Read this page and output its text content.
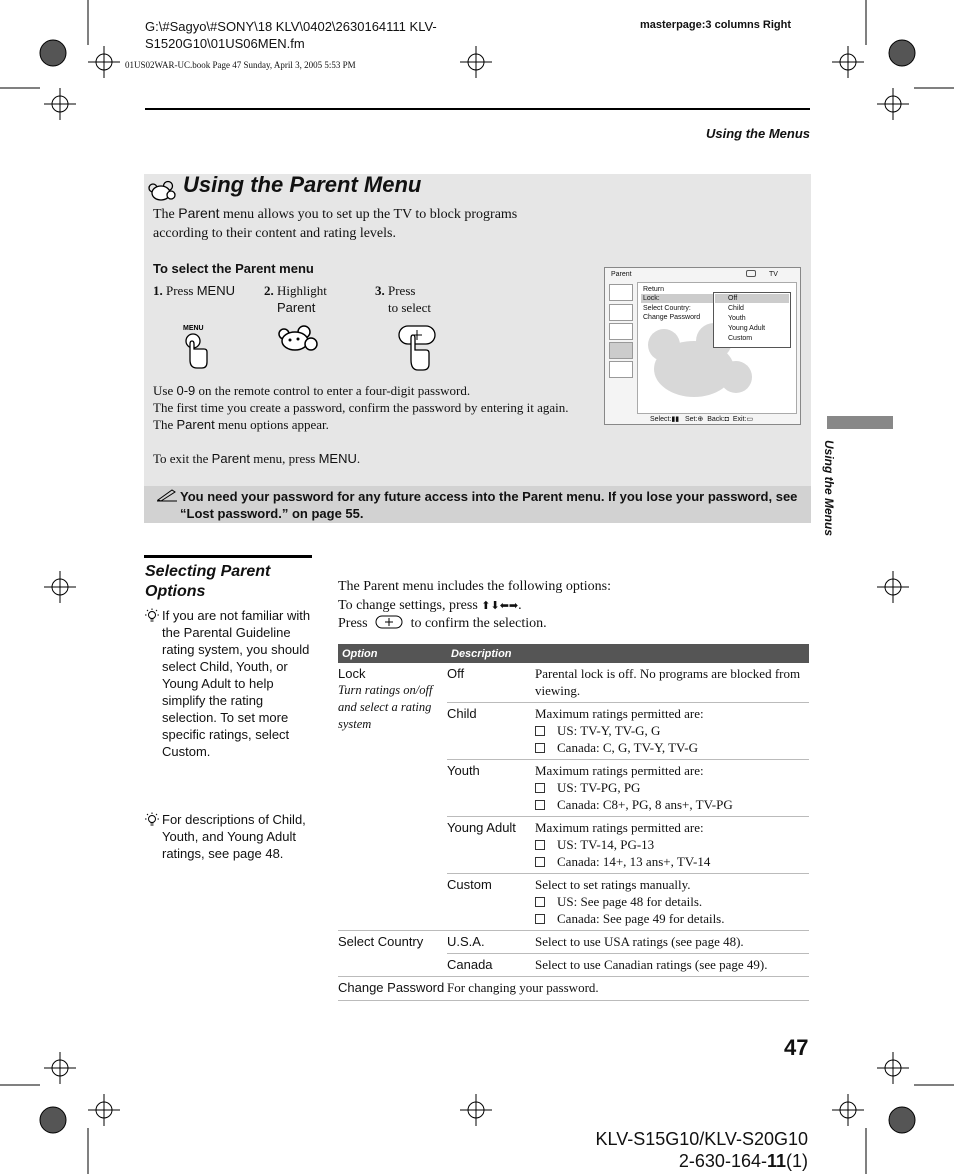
G:\#Sagyo\#SONY\18 KLV\0402\2630164111 KLV-S1520G10\01US06MEN.fm
01US02WAR-UC.book Page 47 Sunday, April 3, 2005 5:53 PM
masterpage:3 columns Right
Using the Menus
Using the Parent Menu
The Parent menu allows you to set up the TV to block programs according to their content and rating levels.
To select the Parent menu
1. Press MENU 2. Highlight
Parent
3. Press
to select
MENU
Use 0-9 on the remote control to enter a four-digit password.
The first time you create a password, confirm the password by entering it again.
The Parent menu options appear.
To exit the Parent menu, press MENU.
Parent	TV
Return
Lock:
Select Country:
Change Password
Off
Child
Youth
Young Adult
Custom
Select:▮▮ Set:⊕ Back:◘ Exit:▭
You need your password for any future access into the Parent menu. If you lose your password, see “Lost password.” on page 55.	Using the Menus
Selecting Parent Options
If you are not familiar with the Parental Guideline rating system, you should select Child, Youth, or Young Adult to help simplify the rating selection. To set more specific ratings, select Custom.
For descriptions of Child, Youth, and Young Adult ratings, see page 48.
The Parent menu includes the following options:
To change settings, press ⬆⬇⬅➡.
Press	to confirm the selection.
Option	Description	
Lock
Turn ratings on/off and select a rating system	Off	Parental lock is off. No programs are blocked from viewing.
	Child	Maximum ratings permitted are:
US: TV-Y, TV-G, G
Canada: C, G, TV-Y, TV-G

	Youth	Maximum ratings permitted are:
US: TV-PG, PG
Canada: C8+, PG, 8 ans+, TV-PG

	Young Adult	Maximum ratings permitted are:
US: TV-14, PG-13
Canada: 14+, 13 ans+, TV-14

	Custom	Select to set ratings manually.
US: See page 48 for details.
Canada: See page 49 for details.

Select Country	U.S.A.	Select to use USA ratings (see page 48).
	Canada	Select to use Canadian ratings (see page 49).
Change Password	For changing your password.	
47
KLV-S15G10/KLV-S20G10
2-630-164-11(1)
